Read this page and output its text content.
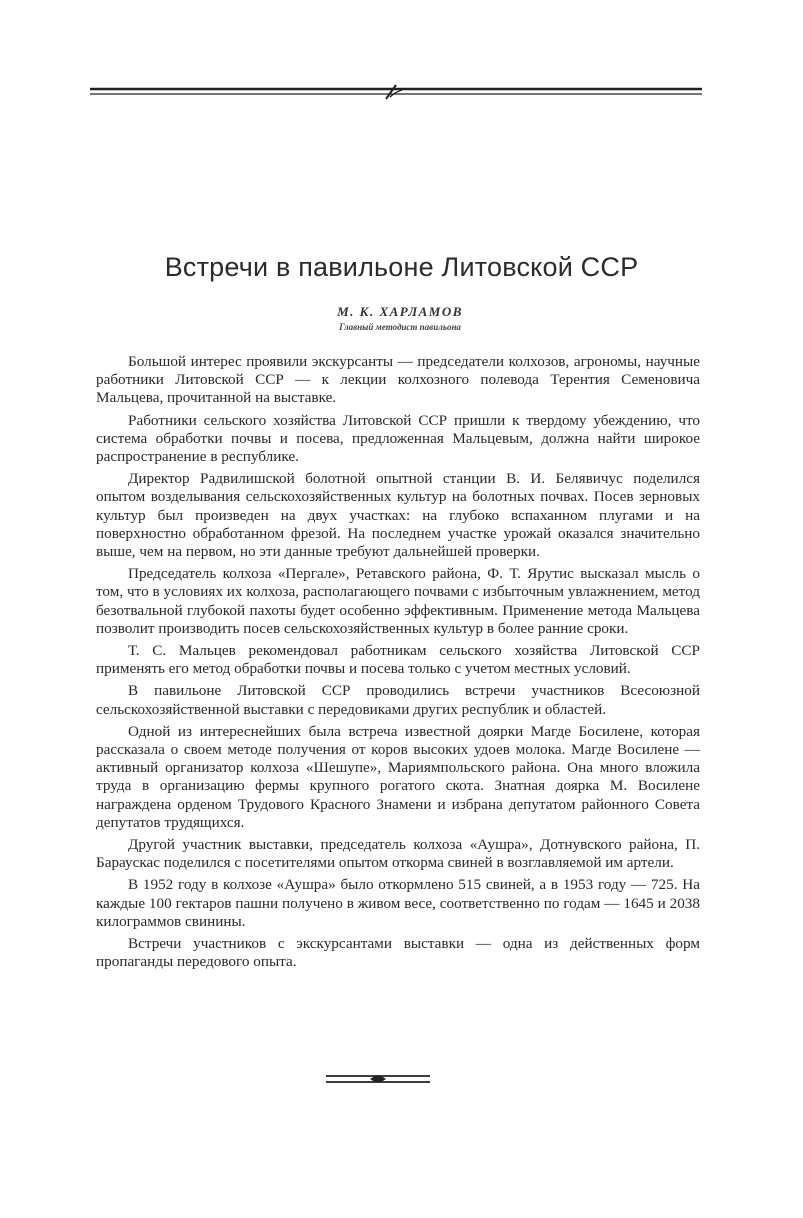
Встречи в павильоне Литовской ССР
М. К. ХАРЛАМОВ
Главный методист павильона

Большой интерес проявили экскурсанты — председатели колхозов, агрономы, научные работники Литовской ССР — к лекции колхозного полевода Терентия Семеновича Мальцева, прочитанной на выставке.

Работники сельского хозяйства Литовской ССР пришли к твердому убеждению, что система обработки почвы и посева, предложенная Мальцевым, должна найти широкое распространение в республике.

Директор Радвилишской болотной опытной станции В. И. Белявичус поделился опытом возделывания сельскохозяйственных культур на болотных почвах. Посев зерновых культур был произведен на двух участках: на глубоко вспаханном плугами и на поверхностно обработанном фрезой. На последнем участке урожай оказался значительно выше, чем на первом, но эти данные требуют дальнейшей проверки.

Председатель колхоза «Пергале», Ретавского района, Ф. Т. Ярутис высказал мысль о том, что в условиях их колхоза, располагающего почвами с избыточным увлажнением, метод безотвальной глубокой пахоты будет особенно эффективным. Применение метода Мальцева позволит производить посев сельскохозяйственных культур в более ранние сроки.

Т. С. Мальцев рекомендовал работникам сельского хозяйства Литовской ССР применять его метод обработки почвы и посева только с учетом местных условий.

В павильоне Литовской ССР проводились встречи участников Всесоюзной сельскохозяйственной выставки с передовиками других республик и областей.

Одной из интереснейших была встреча известной доярки Магде Босилене, которая рассказала о своем методе получения от коров высоких удоев молока. Магде Восилене — активный организатор колхоза «Шешупе», Мариямпольского района. Она много вложила труда в организацию фермы крупного рогатого скота. Знатная доярка М. Восилене награждена орденом Трудового Красного Знамени и избрана депутатом районного Совета депутатов трудящихся.

Другой участник выставки, председатель колхоза «Аушра», Дотнувского района, П. Бараускас поделился с посетителями опытом откорма свиней в возглавляемой им артели.

В 1952 году в колхозе «Аушра» было откормлено 515 свиней, а в 1953 году — 725. На каждые 100 гектаров пашни получено в живом весе, соответственно по годам — 1645 и 2038 килограммов свинины.

Встречи участников с экскурсантами выставки — одна из действенных форм пропаганды передового опыта.
